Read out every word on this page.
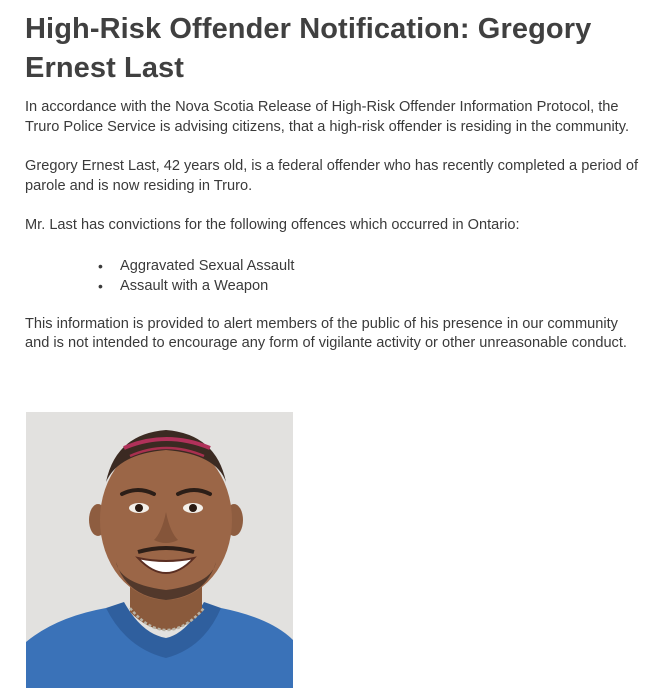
High-Risk Offender Notification: Gregory Ernest Last

In accordance with the Nova Scotia Release of High-Risk Offender Information Protocol, the Truro Police Service is advising citizens, that a high-risk offender is residing in the community.

Gregory Ernest Last, 42 years old, is a federal offender who has recently completed a period of parole and is now residing in Truro.

Mr. Last has convictions for the following offences which occurred in Ontario:

• Aggravated Sexual Assault
• Assault with a Weapon

This information is provided to alert members of the public of his presence in our community and is not intended to encourage any form of vigilante activity or other unreasonable conduct.
